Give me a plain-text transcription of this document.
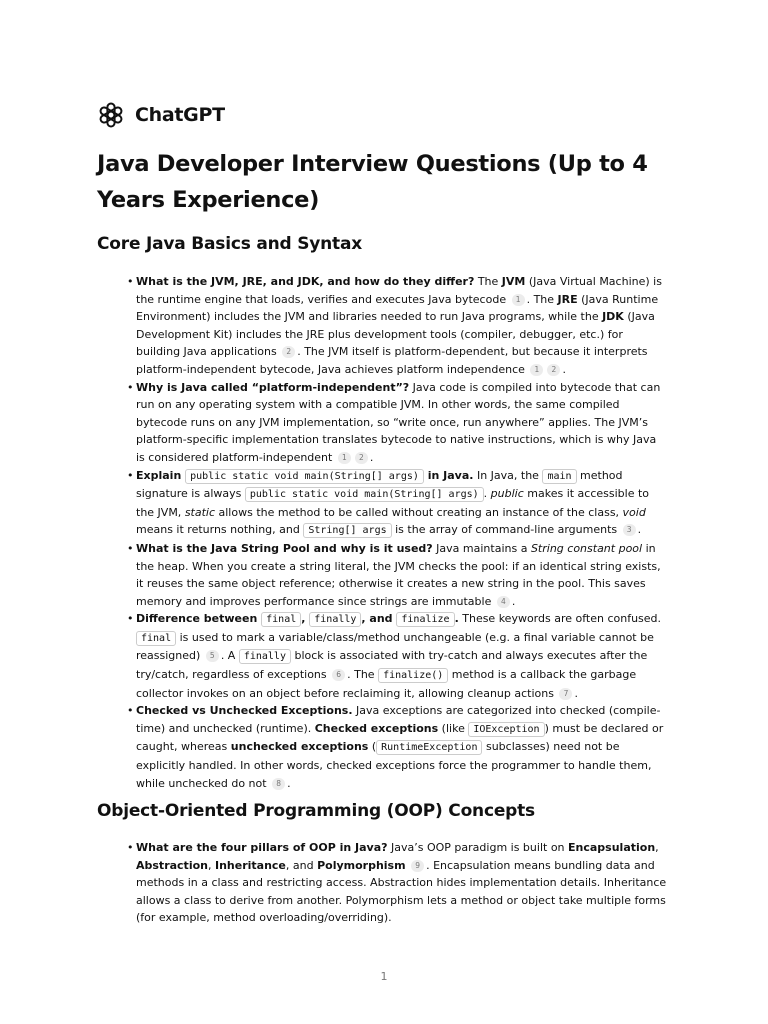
ChatGPT
Java Developer Interview Questions (Up to 4 Years Experience)
Core Java Basics and Syntax
• What is the JVM, JRE, and JDK, and how do they differ? The JVM (Java Virtual Machine) is the runtime engine that loads, verifies and executes Java bytecode 1 . The JRE (Java Runtime Environment) includes the JVM and libraries needed to run Java programs, while the JDK (Java Development Kit) includes the JRE plus development tools (compiler, debugger, etc.) for building Java applications 2 . The JVM itself is platform-dependent, but because it interprets platform-independent bytecode, Java achieves platform independence 1 2 .
• Why is Java called “platform-independent”? Java code is compiled into bytecode that can run on any operating system with a compatible JVM. In other words, the same compiled bytecode runs on any JVM implementation, so “write once, run anywhere” applies. The JVM’s platform-specific implementation translates bytecode to native instructions, which is why Java is considered platform-independent 1 2 .
• Explain public static void main(String[] args) in Java. In Java, the main method signature is always public static void main(String[] args) . public makes it accessible to the JVM, static allows the method to be called without creating an instance of the class, void means it returns nothing, and String[] args is the array of command-line arguments 3 .
• What is the Java String Pool and why is it used? Java maintains a String constant pool in the heap. When you create a string literal, the JVM checks the pool: if an identical string exists, it reuses the same object reference; otherwise it creates a new string in the pool. This saves memory and improves performance since strings are immutable 4 .
• Difference between final , finally , and finalize . These keywords are often confused. final is used to mark a variable/class/method unchangeable (e.g. a final variable cannot be reassigned) 5 . A finally block is associated with try-catch and always executes after the try/catch, regardless of exceptions 6 . The finalize() method is a callback the garbage collector invokes on an object before reclaiming it, allowing cleanup actions 7 .
• Checked vs Unchecked Exceptions. Java exceptions are categorized into checked (compile-time) and unchecked (runtime). Checked exceptions (like IOException ) must be declared or caught, whereas unchecked exceptions ( RuntimeException subclasses) need not be explicitly handled. In other words, checked exceptions force the programmer to handle them, while unchecked do not 8 .
Object-Oriented Programming (OOP) Concepts
• What are the four pillars of OOP in Java? Java’s OOP paradigm is built on Encapsulation, Abstraction, Inheritance, and Polymorphism 9 . Encapsulation means bundling data and methods in a class and restricting access. Abstraction hides implementation details. Inheritance allows a class to derive from another. Polymorphism lets a method or object take multiple forms (for example, method overloading/overriding).
1
